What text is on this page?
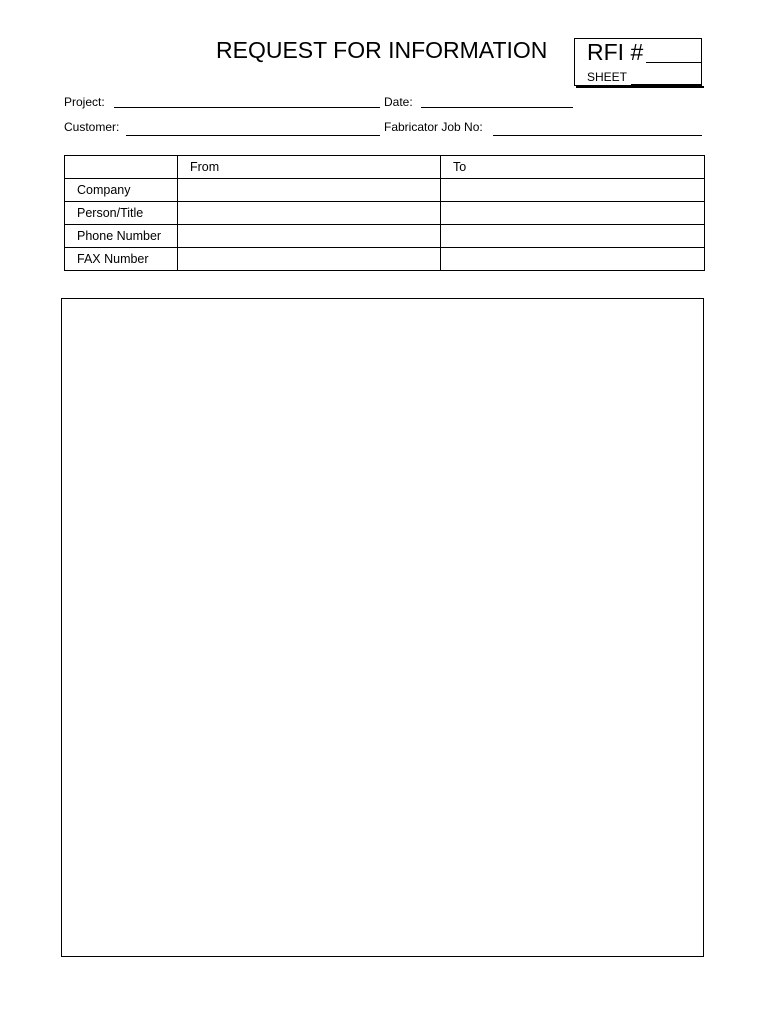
REQUEST FOR INFORMATION RFI #
SHEET
Project:	Date:
Customer:	Fabricator Job No:
	From	To
Company		
Person/Title		
Phone Number		
FAX Number		
